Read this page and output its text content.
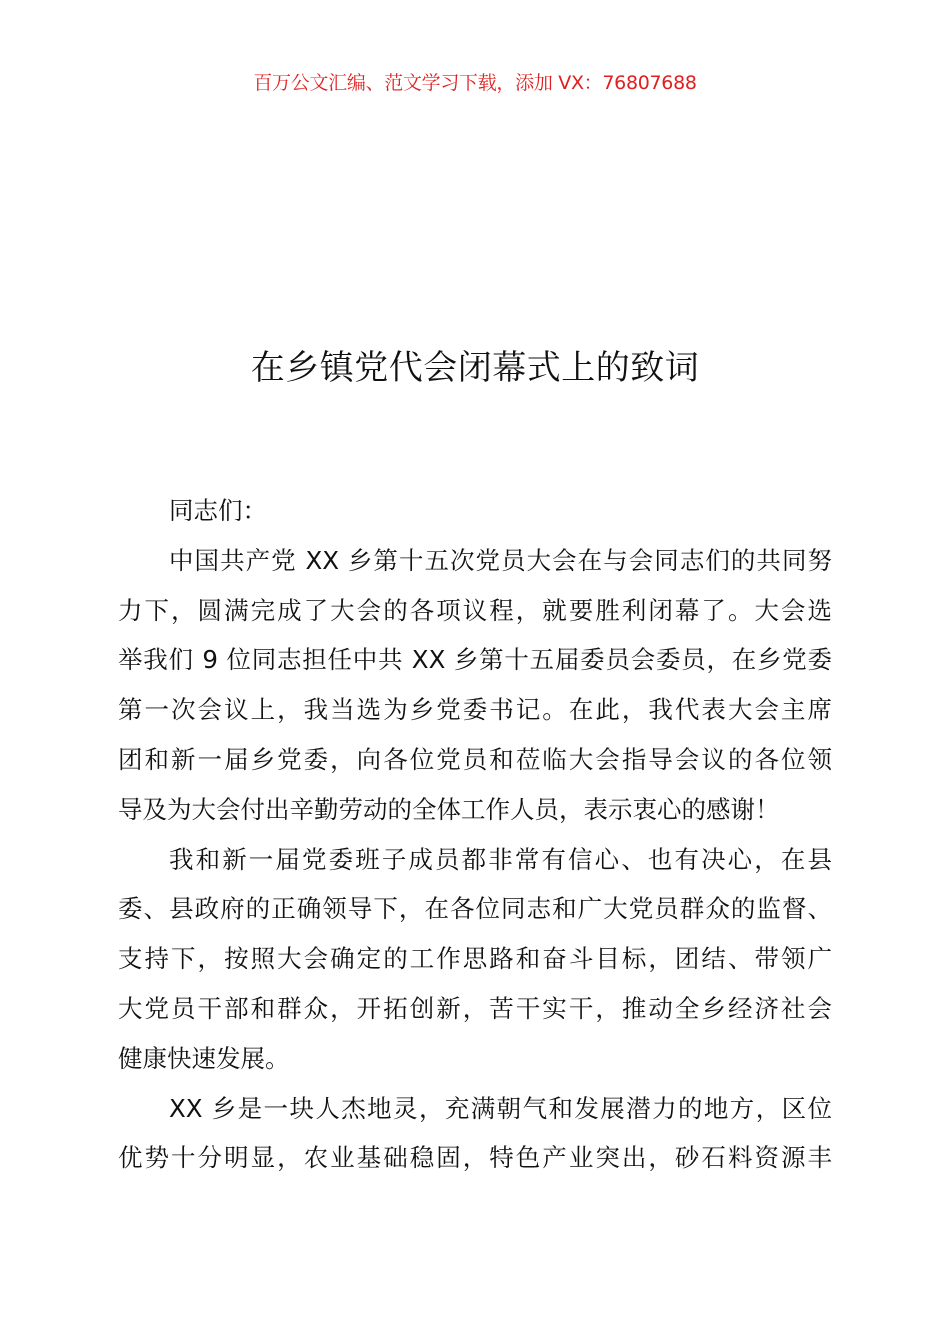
百万公文汇编、范文学习下载，添加 VX：76807688
在乡镇党代会闭幕式上的致词
同志们：
中国共产党 XX 乡第十五次党员大会在与会同志们的共同努
力下，圆满完成了大会的各项议程，就要胜利闭幕了。大会选
举我们 9 位同志担任中共 XX 乡第十五届委员会委员，在乡党委
第一次会议上，我当选为乡党委书记。在此，我代表大会主席
团和新一届乡党委，向各位党员和莅临大会指导会议的各位领
导及为大会付出辛勤劳动的全体工作人员，表示衷心的感谢！
我和新一届党委班子成员都非常有信心、也有决心，在县
委、县政府的正确领导下，在各位同志和广大党员群众的监督、
支持下，按照大会确定的工作思路和奋斗目标，团结、带领广
大党员干部和群众，开拓创新，苦干实干，推动全乡经济社会
健康快速发展。
XX 乡是一块人杰地灵，充满朝气和发展潜力的地方，区位
优势十分明显，农业基础稳固，特色产业突出，砂石料资源丰
